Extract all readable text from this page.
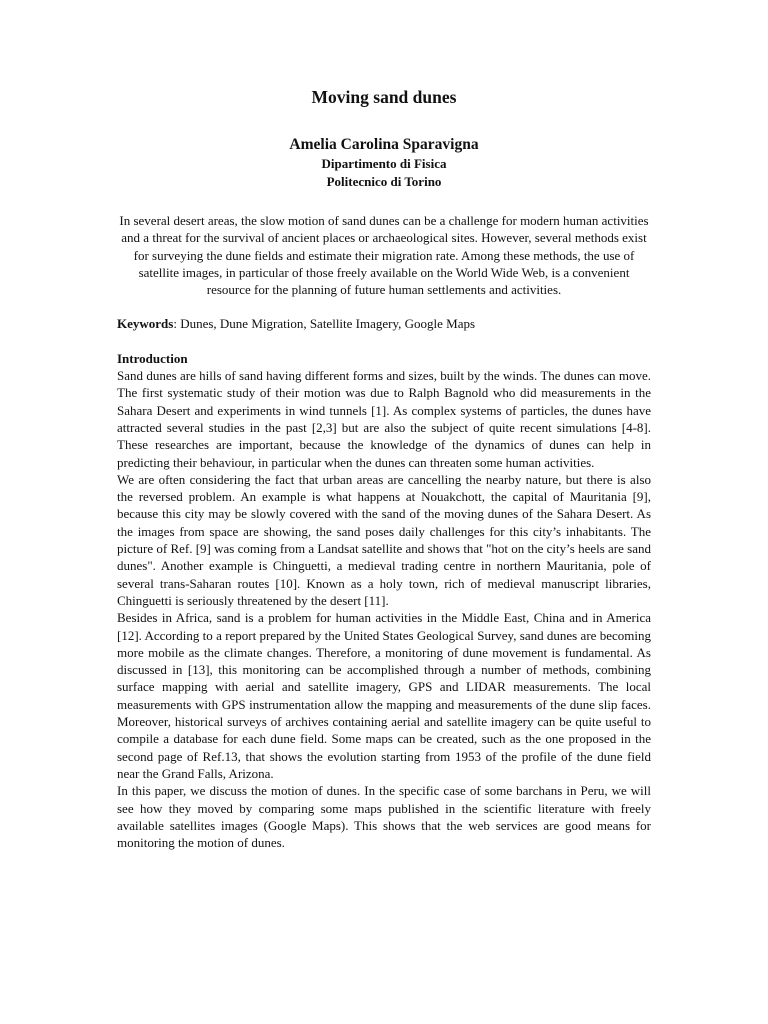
Moving sand dunes
Amelia Carolina Sparavigna
Dipartimento di Fisica
Politecnico di Torino

In several desert areas, the slow motion of sand dunes can be a challenge for modern human activities and a threat for the survival of ancient places or archaeological sites. However, several methods exist for surveying the dune fields and estimate their migration rate. Among these methods, the use of satellite images, in particular of those freely available on the World Wide Web, is a convenient resource for the planning of future human settlements and activities.

Keywords: Dunes, Dune Migration, Satellite Imagery, Google Maps

Introduction

Sand dunes are hills of sand having different forms and sizes, built by the winds. The dunes can move. The first systematic study of their motion was due to Ralph Bagnold who did measurements in the Sahara Desert and experiments in wind tunnels [1]. As complex systems of particles, the dunes have attracted several studies in the past [2,3] but are also the subject of quite recent simulations [4-8]. These researches are important, because the knowledge of the dynamics of dunes can help in predicting their behaviour, in particular when the dunes can threaten some human activities.

We are often considering the fact that urban areas are cancelling the nearby nature, but there is also the reversed problem. An example is what happens at Nouakchott, the capital of Mauritania [9], because this city may be slowly covered with the sand of the moving dunes of the Sahara Desert. As the images from space are showing, the sand poses daily challenges for this city’s inhabitants. The picture of Ref. [9] was coming from a Landsat satellite and shows that "hot on the city’s heels are sand dunes". Another example is Chinguetti, a medieval trading centre in northern Mauritania, pole of several trans-Saharan routes [10]. Known as a holy town, rich of medieval manuscript libraries, Chinguetti is seriously threatened by the desert [11].

Besides in Africa, sand is a problem for human activities in the Middle East, China and in America [12]. According to a report prepared by the United States Geological Survey, sand dunes are becoming more mobile as the climate changes. Therefore, a monitoring of dune movement is fundamental. As discussed in [13], this monitoring can be accomplished through a number of methods, combining surface mapping with aerial and satellite imagery, GPS and LIDAR measurements. The local measurements with GPS instrumentation allow the mapping and measurements of the dune slip faces. Moreover, historical surveys of archives containing aerial and satellite imagery can be quite useful to compile a database for each dune field. Some maps can be created, such as the one proposed in the second page of Ref.13, that shows the evolution starting from 1953 of the profile of the dune field near the Grand Falls, Arizona.

In this paper, we discuss the motion of dunes. In the specific case of some barchans in Peru, we will see how they moved by comparing some maps published in the scientific literature with freely available satellites images (Google Maps). This shows that the web services are good means for monitoring the motion of dunes.
